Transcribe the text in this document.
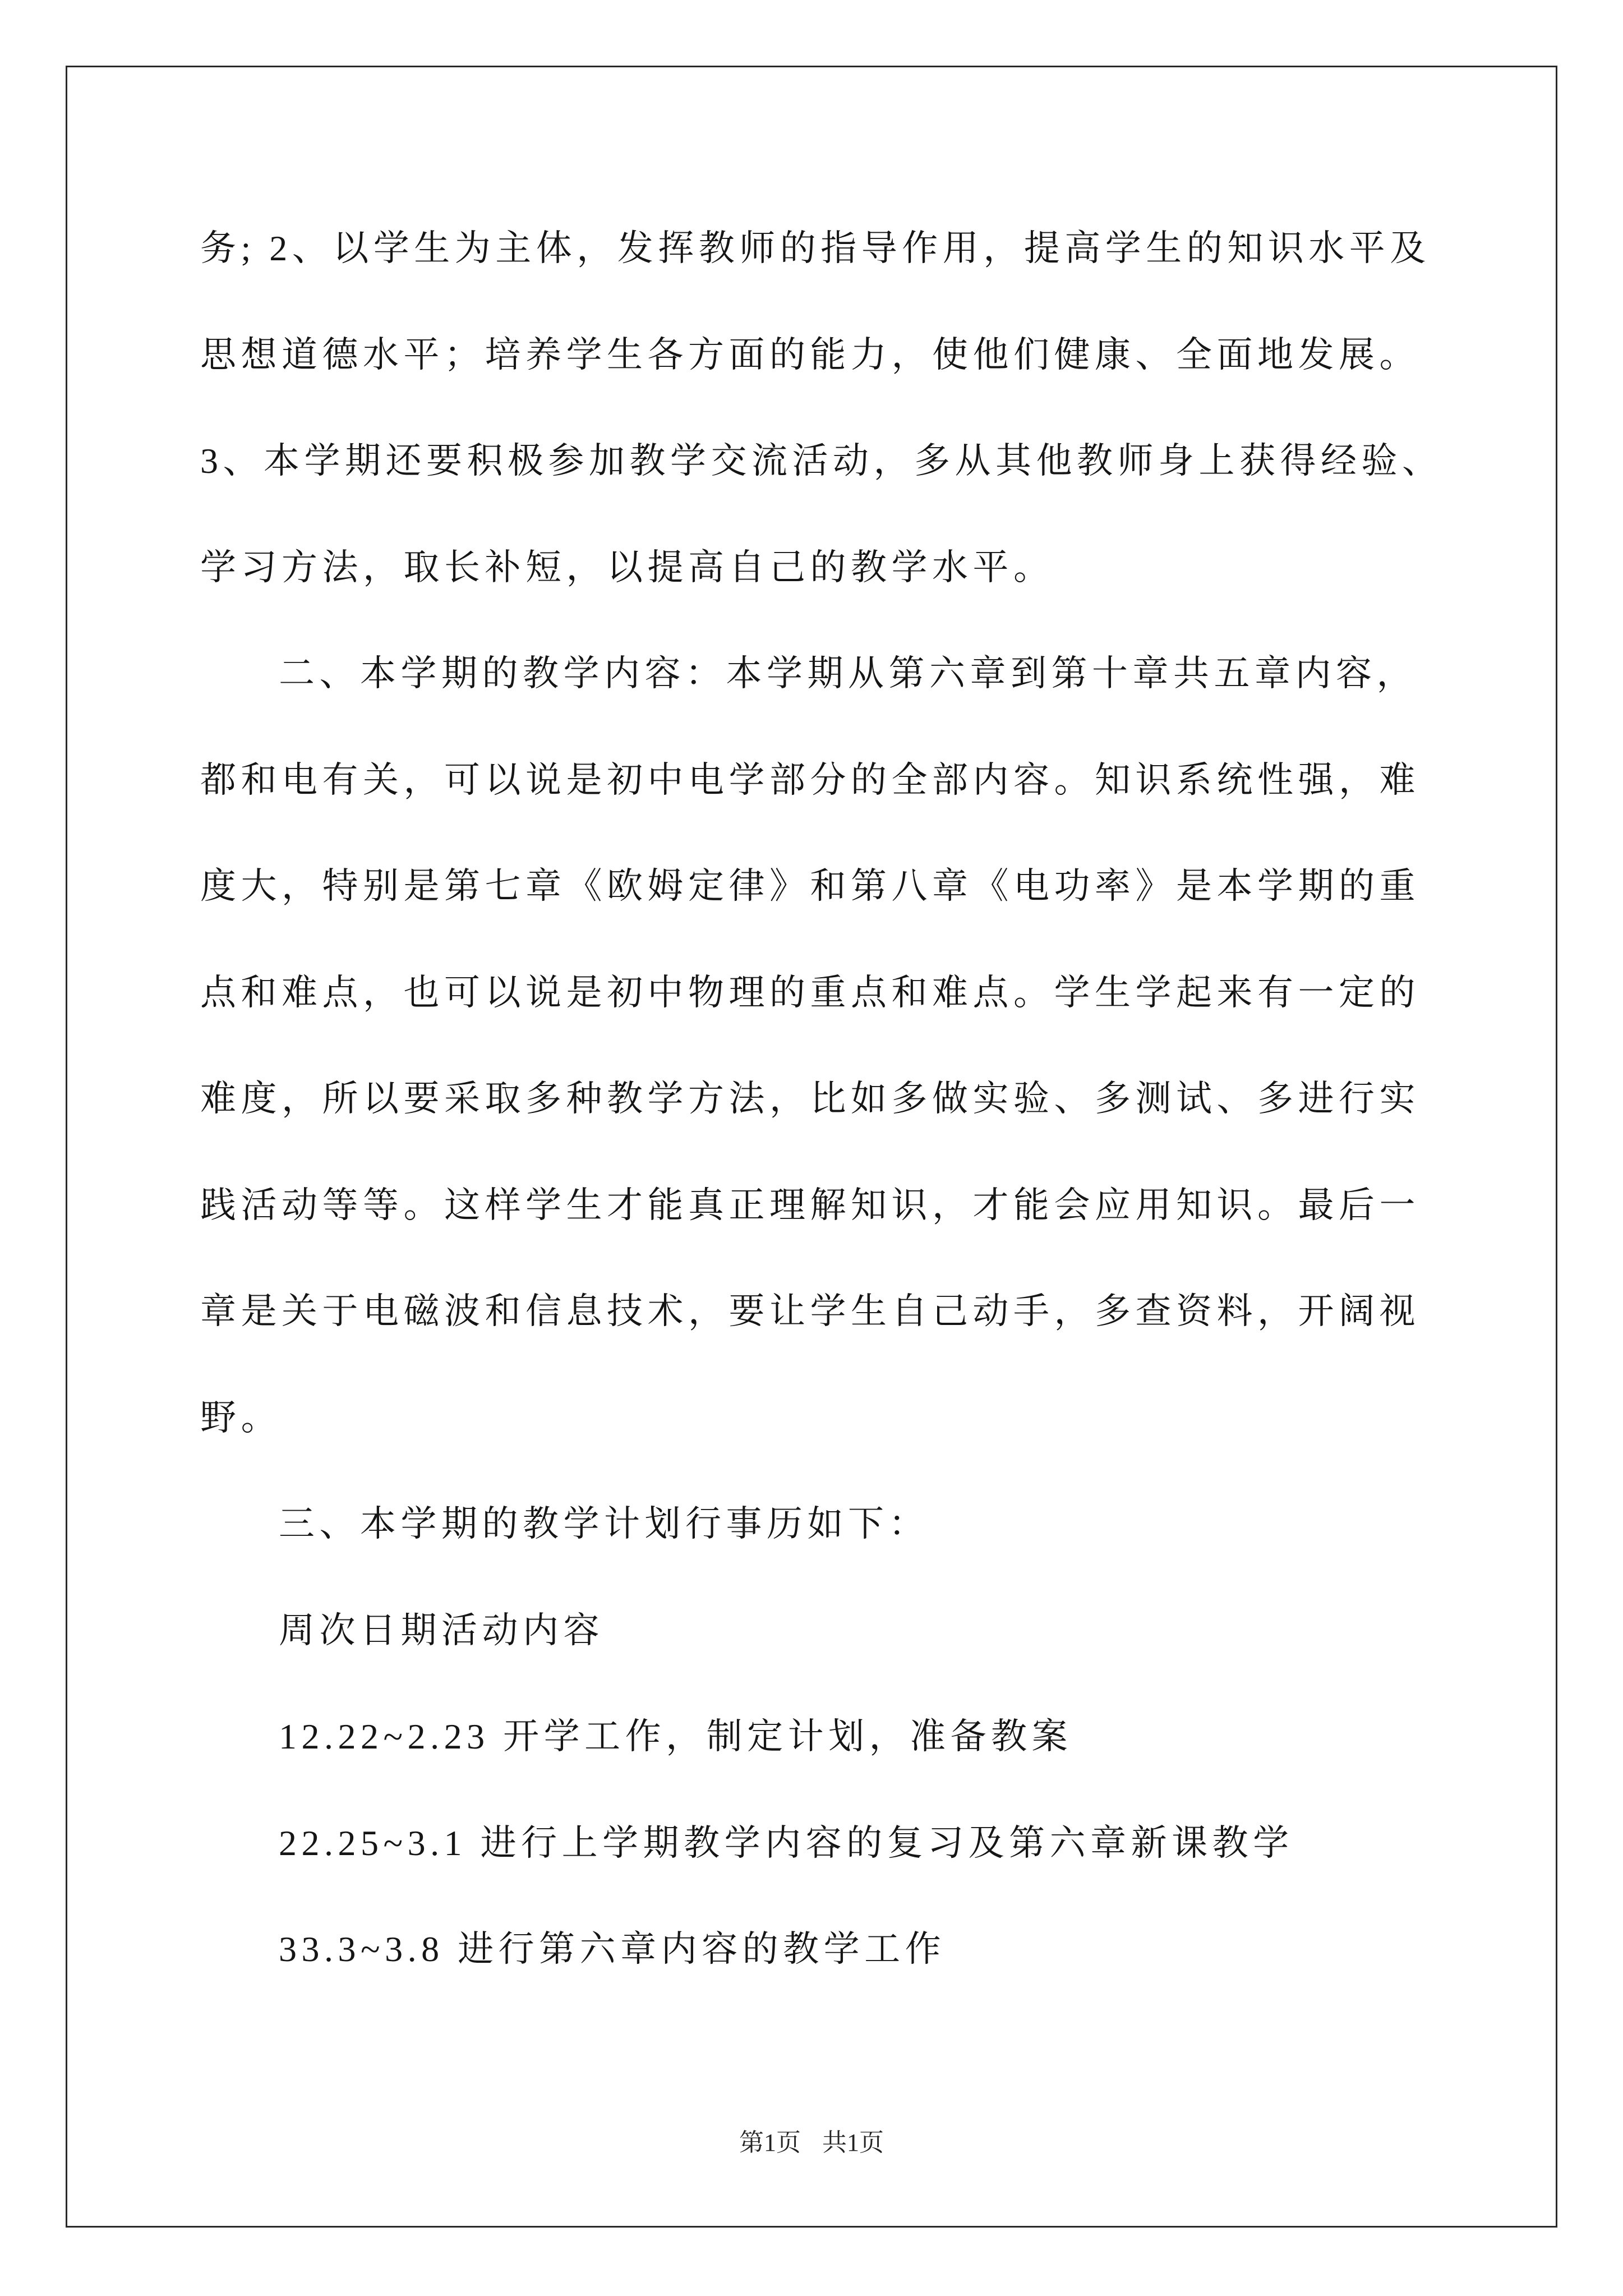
务; 2、以学生为主体，发挥教师的指导作用，提高学生的知识水平及
思想道德水平；培养学生各方面的能力，使他们健康、全面地发展。
3、本学期还要积极参加教学交流活动，多从其他教师身上获得经验、
学习方法，取长补短，以提高自己的教学水平。
二、本学期的教学内容：本学期从第六章到第十章共五章内容，
都和电有关，可以说是初中电学部分的全部内容。知识系统性强，难
度大，特别是第七章《欧姆定律》和第八章《电功率》是本学期的重
点和难点，也可以说是初中物理的重点和难点。学生学起来有一定的
难度，所以要采取多种教学方法，比如多做实验、多测试、多进行实
践活动等等。这样学生才能真正理解知识，才能会应用知识。最后一
章是关于电磁波和信息技术，要让学生自己动手，多查资料，开阔视
野。
三、本学期的教学计划行事历如下：
周次日期活动内容
12.22~2.23 开学工作，制定计划，准备教案
22.25~3.1 进行上学期教学内容的复习及第六章新课教学
33.3~3.8 进行第六章内容的教学工作
第1页 共1页
